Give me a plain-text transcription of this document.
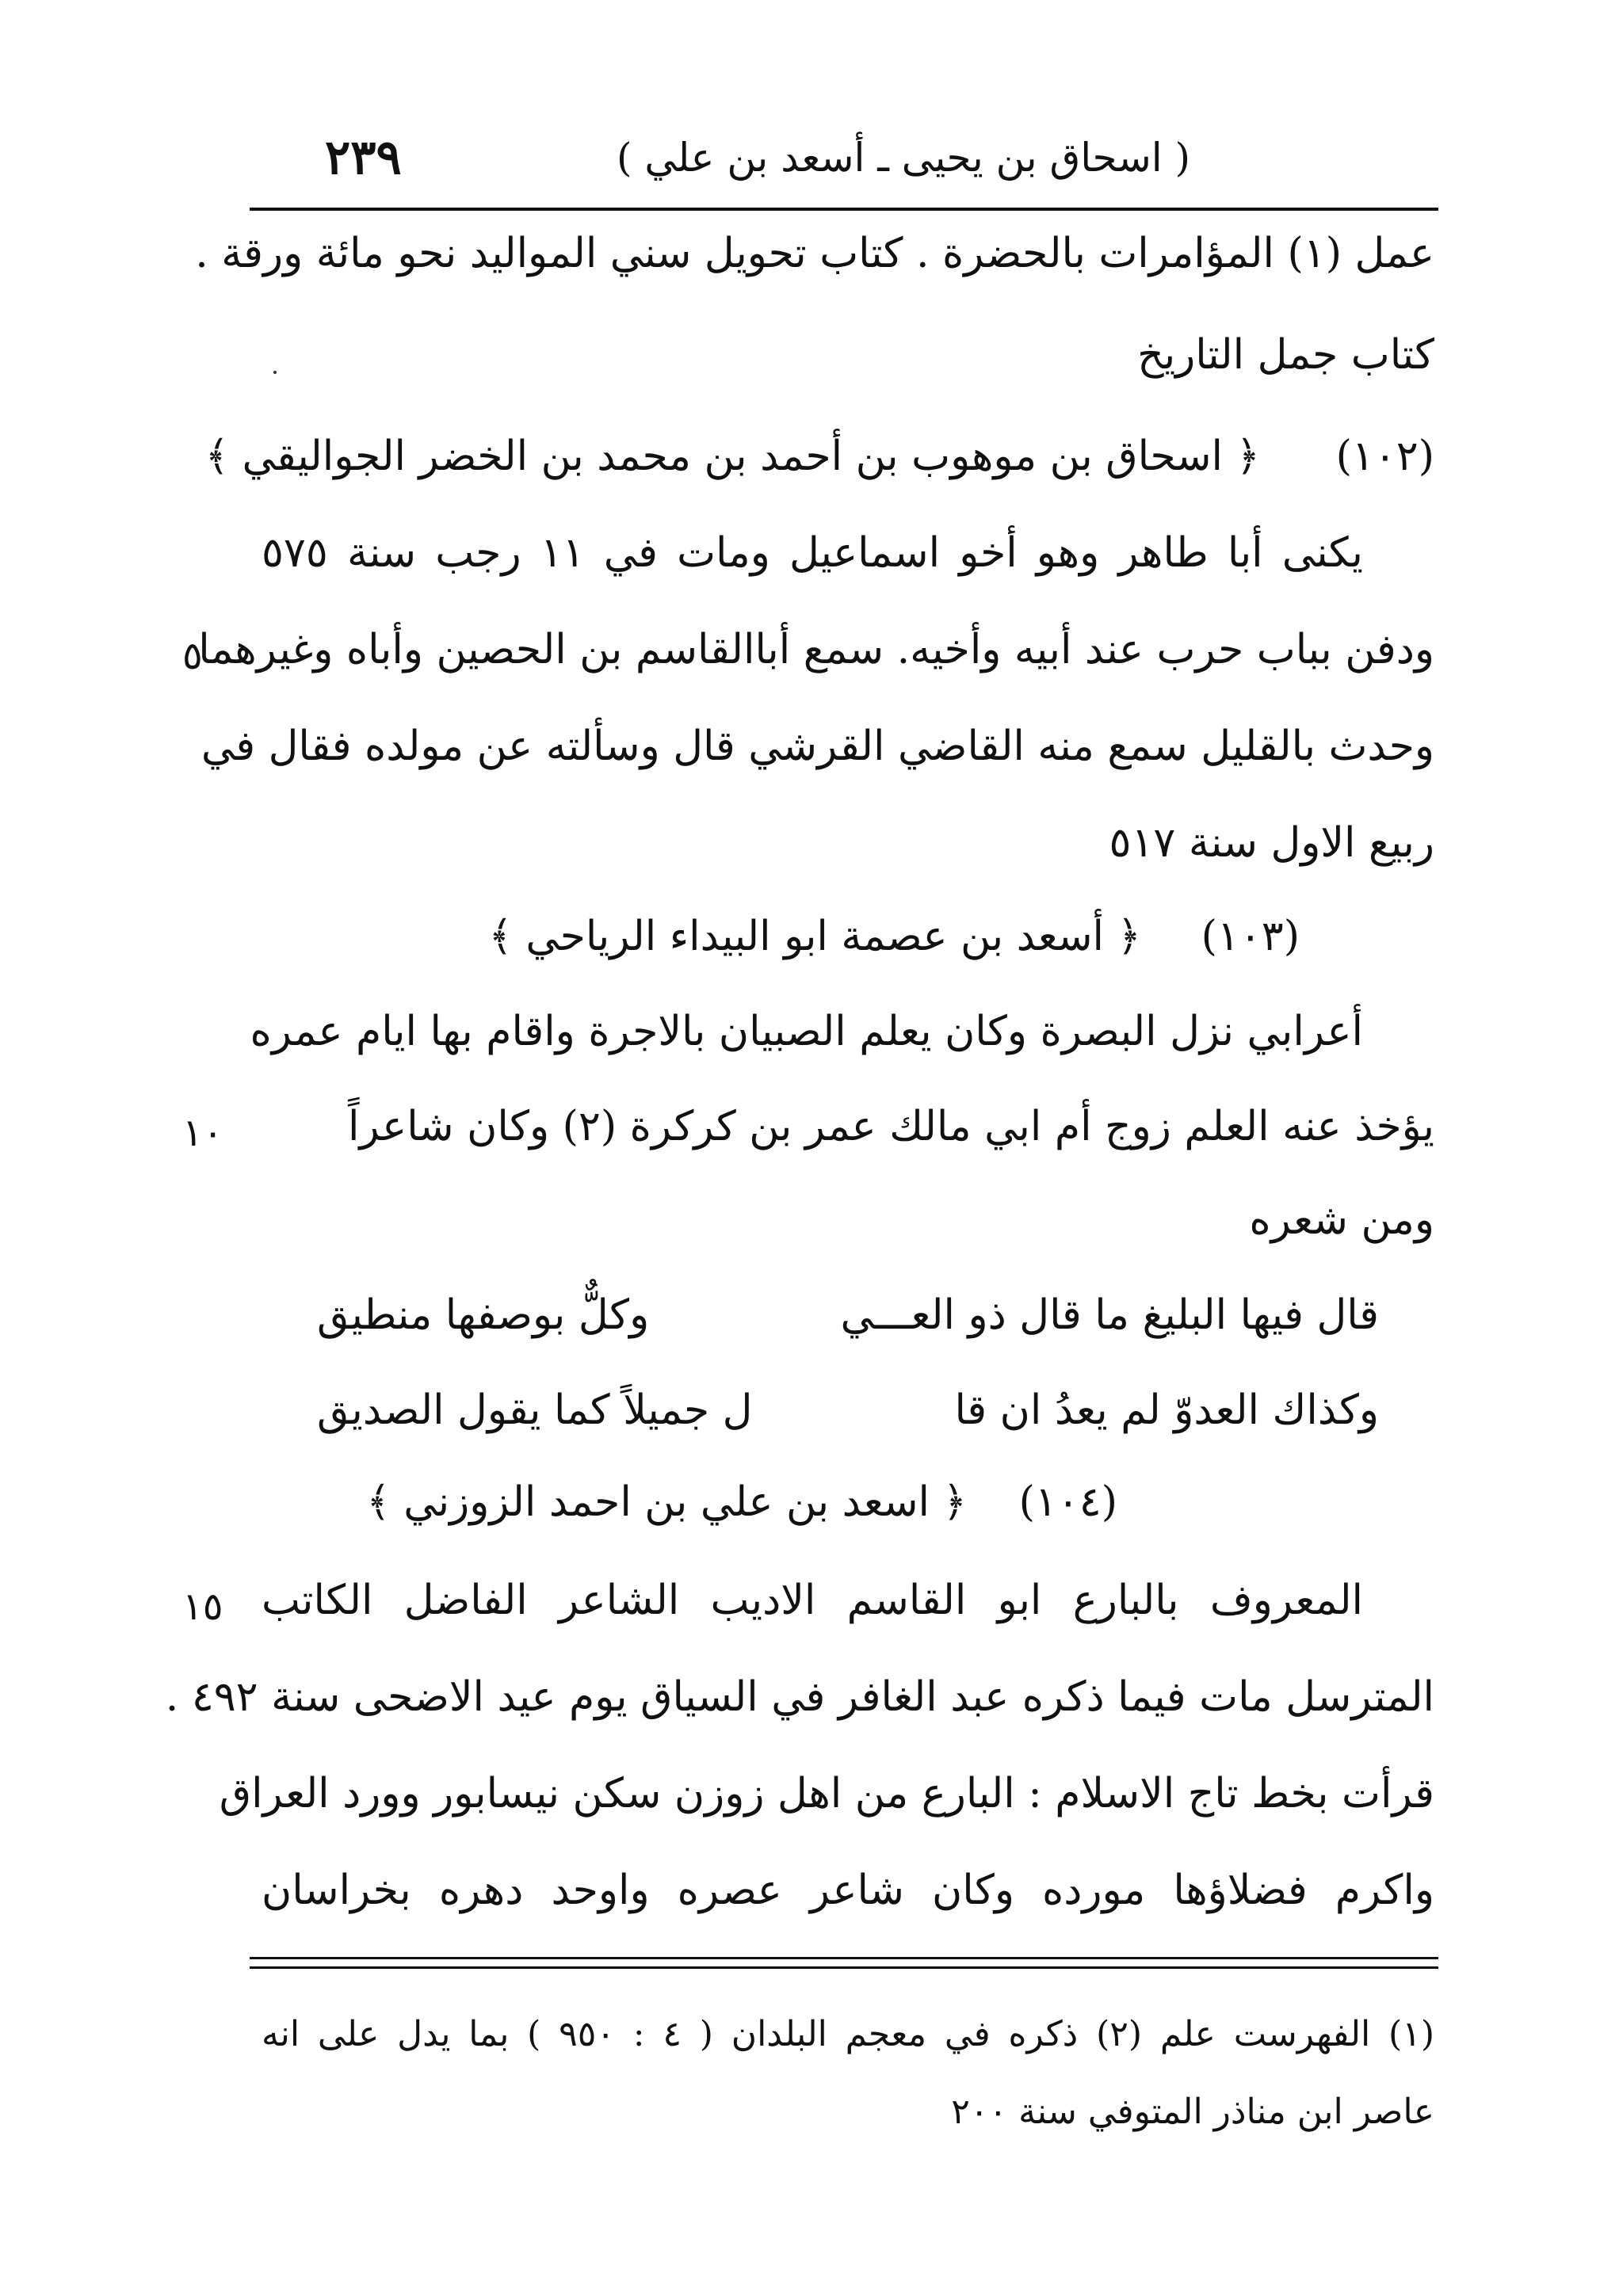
( اسحاق بن يحيى ـ أسعد بن علي )
٢٣٩
عمل (١) المؤامرات بالحضرة . كتاب تحويل سني المواليد نحو مائة ورقة .
كتاب جمل التاريخ
(١٠٢)
﴿ اسحاق بن موهوب بن أحمد بن محمد بن الخضر الجواليقي ﴾
يكنى أبا طاهر وهو أخو اسماعيل ومات في ١١ رجب سنة ٥٧٥
ودفن بباب حرب عند أبيه وأخيه. سمع أباالقاسم بن الحصين وأباه وغيرهما
٥
وحدث بالقليل سمع منه القاضي القرشي قال وسألته عن مولده فقال في
ربيع الاول سنة ٥١٧
(١٠٣)
﴿ أسعد بن عصمة ابو البيداء الرياحي ﴾
أعرابي نزل البصرة وكان يعلم الصبيان بالاجرة واقام بها ايام عمره
يؤخذ عنه العلم زوج أم ابي مالك عمر بن كركرة (٢) وكان شاعراً
١٠
ومن شعره
قال فيها البليغ ما قال ذو العـــي
وكلٌّ بوصفها منطيق
وكذاك العدوّ لم يعدُ ان قا
ل جميلاً كما يقول الصديق
(١٠٤)
﴿ اسعد بن علي بن احمد الزوزني ﴾
المعروف بالبارع ابو القاسم الاديب الشاعر الفاضل الكاتب
١٥
المترسل مات فيما ذكره عبد الغافر في السياق يوم عيد الاضحى سنة ٤٩٢ .
قرأت بخط تاج الاسلام : البارع من اهل زوزن سكن نيسابور وورد العراق
واكرم فضلاؤها مورده وكان شاعر عصره واوحد دهره بخراسان
(١) الفهرست علم (٢) ذكره في معجم البلدان ( ٤ : ٩٥٠ ) بما يدل على انه
عاصر ابن مناذر المتوفي سنة ٢٠٠
